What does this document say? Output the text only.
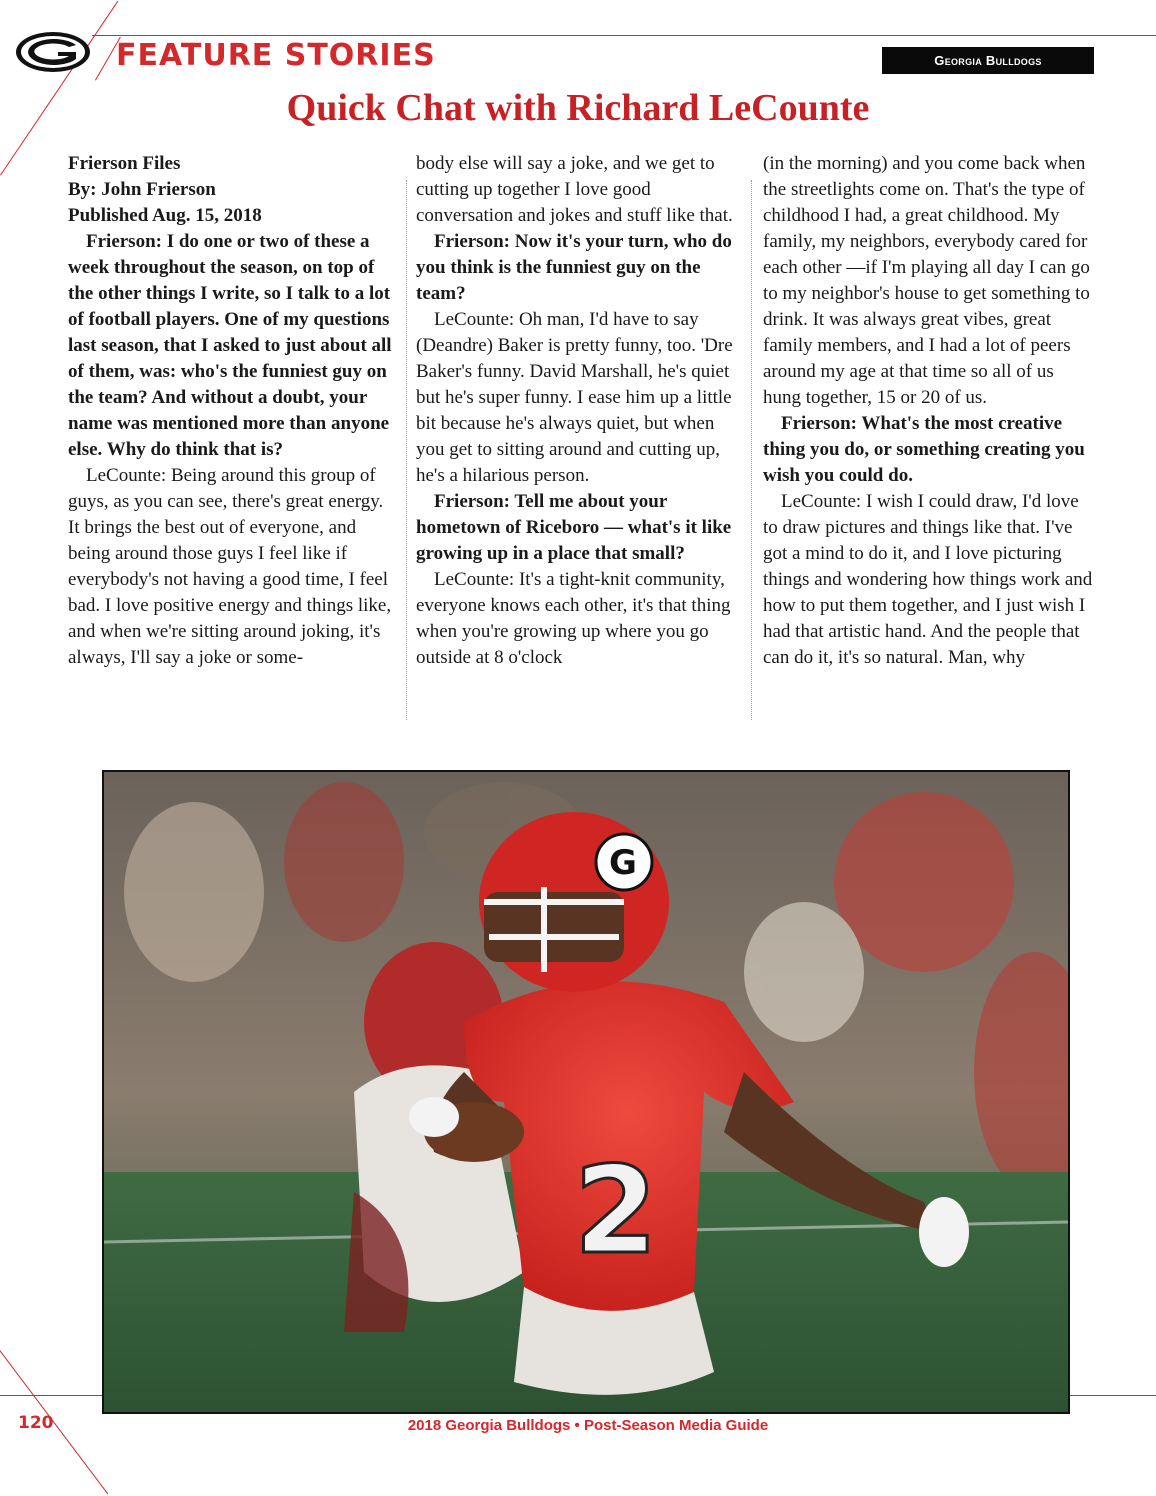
FEATURE STORIES	Georgia Bulldogs
Quick Chat with Richard LeCounte

Frierson Files

By: John Frierson

Published Aug. 15, 2018

Frierson: I do one or two of these a week throughout the season, on top of the other things I write, so I talk to a lot of football players. One of my questions last season, that I asked to just about all of them, was: who's the funniest guy on the team? And without a doubt, your name was mentioned more than anyone else. Why do think that is?

LeCounte: Being around this group of guys, as you can see, there's great energy. It brings the best out of everyone, and being around those guys I feel like if everybody's not having a good time, I feel bad. I love positive energy and things like, and when we're sitting around joking, it's always, I'll say a joke or some-

body else will say a joke, and we get to cutting up together I love good conversation and jokes and stuff like that.

Frierson: Now it's your turn, who do you think is the funniest guy on the team?

LeCounte: Oh man, I'd have to say (Deandre) Baker is pretty funny, too. 'Dre Baker's funny. David Marshall, he's quiet but he's super funny. I ease him up a little bit because he's always quiet, but when you get to sitting around and cutting up, he's a hilarious person.

Frierson: Tell me about your hometown of Riceboro — what's it like growing up in a place that small?

LeCounte: It's a tight-knit community, everyone knows each other, it's that thing when you're growing up where you go outside at 8 o'clock

(in the morning) and you come back when the streetlights come on. That's the type of childhood I had, a great childhood. My family, my neighbors, everybody cared for each other —if I'm playing all day I can go to my neighbor's house to get something to drink. It was always great vibes, great family members, and I had a lot of peers around my age at that time so all of us hung together, 15 or 20 of us.

Frierson: What's the most creative thing you do, or something creating you wish you could do.

LeCounte: I wish I could draw, I'd love to draw pictures and things like that. I've got a mind to do it, and I love picturing things and wondering how things work and how to put them together, and I just wish I had that artistic hand. And the people that can do it, it's so natural. Man, why

2
G
120	2018 Georgia Bulldogs • Post-Season Media Guide
